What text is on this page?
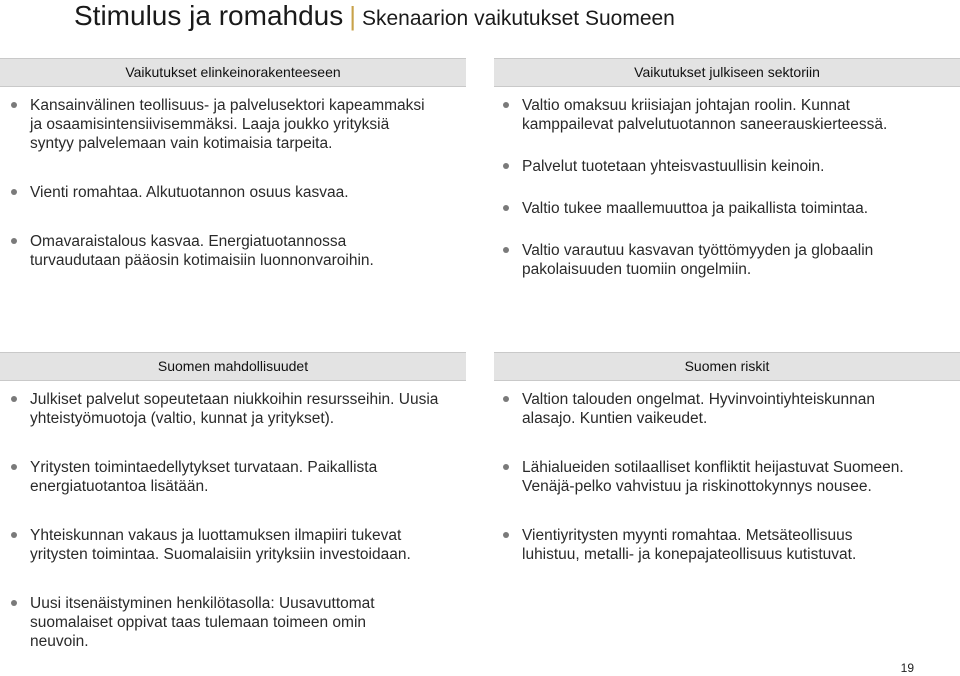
Stimulus ja romahdus | Skenaarion vaikutukset Suomeen
Vaikutukset elinkeinorakenteeseen
Kansainvälinen teollisuus- ja palvelusektori kapeammaksi ja osaamisintensiivisemmäksi. Laaja joukko yrityksiä syntyy palvelemaan vain kotimaisia tarpeita.
Vienti romahtaa. Alkutuotannon osuus kasvaa.
Omavaraistalous kasvaa. Energiatuotannossa turvaudutaan pääosin kotimaisiin luonnonvaroihin.
Vaikutukset julkiseen sektoriin
Valtio omaksuu kriisiajan johtajan roolin. Kunnat kamppailevat palvelutuotannon saneerauskierteessä.
Palvelut tuotetaan yhteisvastuullisin keinoin.
Valtio tukee maallemuuttoa ja paikallista toimintaa.
Valtio varautuu kasvavan työttömyyden ja globaalin pakolaisuuden tuomiin ongelmiin.
Suomen mahdollisuudet
Julkiset palvelut sopeutetaan niukkoihin resursseihin. Uusia yhteistyömuotoja (valtio, kunnat ja yritykset).
Yritysten toimintaedellytykset turvataan. Paikallista energiatuotantoa lisätään.
Yhteiskunnan vakaus ja luottamuksen ilmapiiri tukevat yritysten toimintaa. Suomalaisiin yrityksiin investoidaan.
Uusi itsenäistyminen henkilötasolla: Uusavuttomat suomalaiset oppivat taas tulemaan toimeen omin neuvoin.
Suomen riskit
Valtion talouden ongelmat. Hyvinvointiyhteiskunnan alasajo. Kuntien vaikeudet.
Lähialueiden sotilaalliset konfliktit heijastuvat Suomeen. Venäjä-pelko vahvistuu ja riskinottokynnys nousee.
Vientiyritysten myynti romahtaa. Metsäteollisuus luhistuu, metalli- ja konepajateollisuus kutistuvat.
19
